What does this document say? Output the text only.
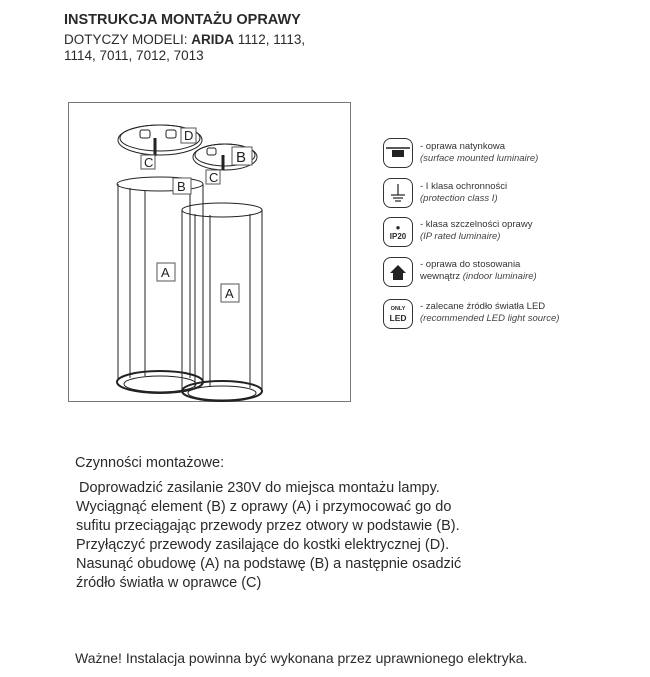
INSTRUKCJA MONTAŻU OPRAWY
DOTYCZY MODELI: ARIDA 1112, 1113,
1114, 7011, 7012, 7013
D
B
C
C
B
A
A
- oprawa natynkowa
(surface mounted luminaire)
- I klasa ochronności
(protection class I)
●
IP20
- klasa szczelności oprawy
(IP rated luminaire)
- oprawa do stosowania
wewnątrz (indoor luminaire)
ONLY
LED
- zalecane źródło światła LED
(recommended LED light source)
Czynności montażowe:
Doprowadzić zasilanie 230V do miejsca montażu lampy.
Wyciągnąć element (B) z oprawy (A) i przymocować go do
sufitu przeciągając przewody przez otwory w podstawie (B).
Przyłączyć przewody zasilające do kostki elektrycznej (D).
Nasunąć obudowę (A) na podstawę (B) a następnie osadzić
źródło światła w oprawce (C)
Ważne! Instalacja powinna być wykonana przez uprawnionego elektryka.
